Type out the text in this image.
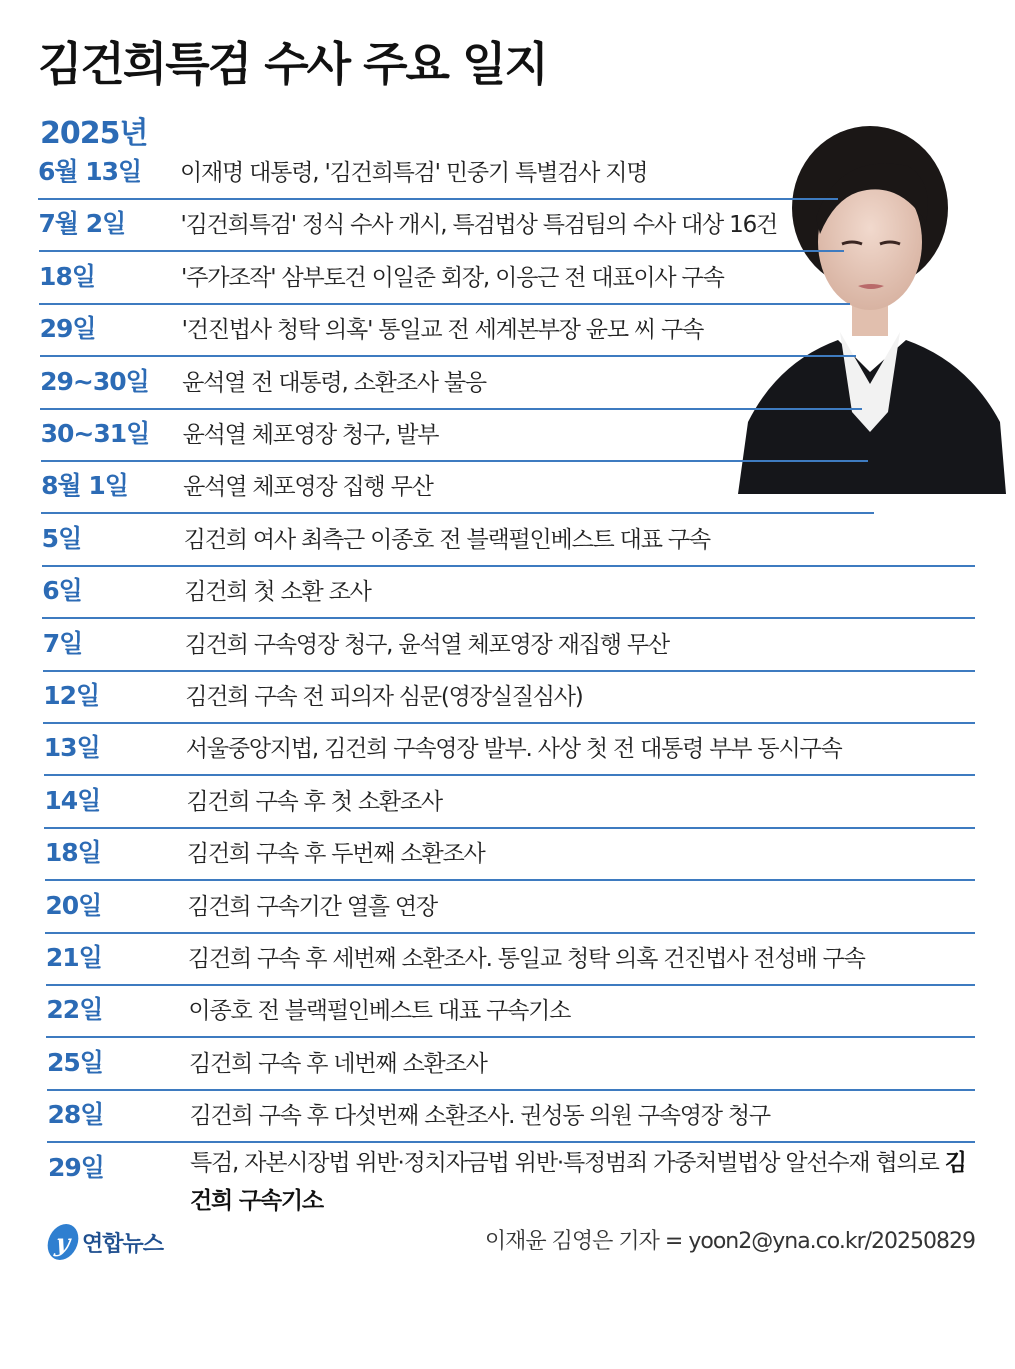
김건희특검 수사 주요 일지
2025년
6월 13일 이재명 대통령, '김건희특검' 민중기 특별검사 지명
7월 2일 '김건희특검' 정식 수사 개시, 특검법상 특검팀의 수사 대상 16건
18일	'주가조작' 삼부토건 이일준 회장, 이응근 전 대표이사 구속
29일	'건진법사 청탁 의혹' 통일교 전 세계본부장 윤모 씨 구속
29~30일 윤석열 전 대통령, 소환조사 불응
30~31일 윤석열 체포영장 청구, 발부
8월 1일 윤석열 체포영장 집행 무산
5일	김건희 여사 최측근 이종호 전 블랙펄인베스트 대표 구속
6일	김건희 첫 소환 조사
7일	김건희 구속영장 청구, 윤석열 체포영장 재집행 무산
12일	김건희 구속 전 피의자 심문(영장실질심사)
13일	서울중앙지법, 김건희 구속영장 발부. 사상 첫 전 대통령 부부 동시구속
14일	김건희 구속 후 첫 소환조사
18일	김건희 구속 후 두번째 소환조사
20일	김건희 구속기간 열흘 연장
21일	김건희 구속 후 세번째 소환조사. 통일교 청탁 의혹 건진법사 전성배 구속
22일	이종호 전 블랙펄인베스트 대표 구속기소
25일	김건희 구속 후 네번째 소환조사
28일	김건희 구속 후 다섯번째 소환조사. 권성동 의원 구속영장 청구
29일	특검, 자본시장법 위반·정치자금법 위반·특정범죄 가중처벌법상 알선수재 협의로 김건희 구속기소
y 연합뉴스	이재윤 김영은 기자 = yoon2@yna.co.kr/20250829
